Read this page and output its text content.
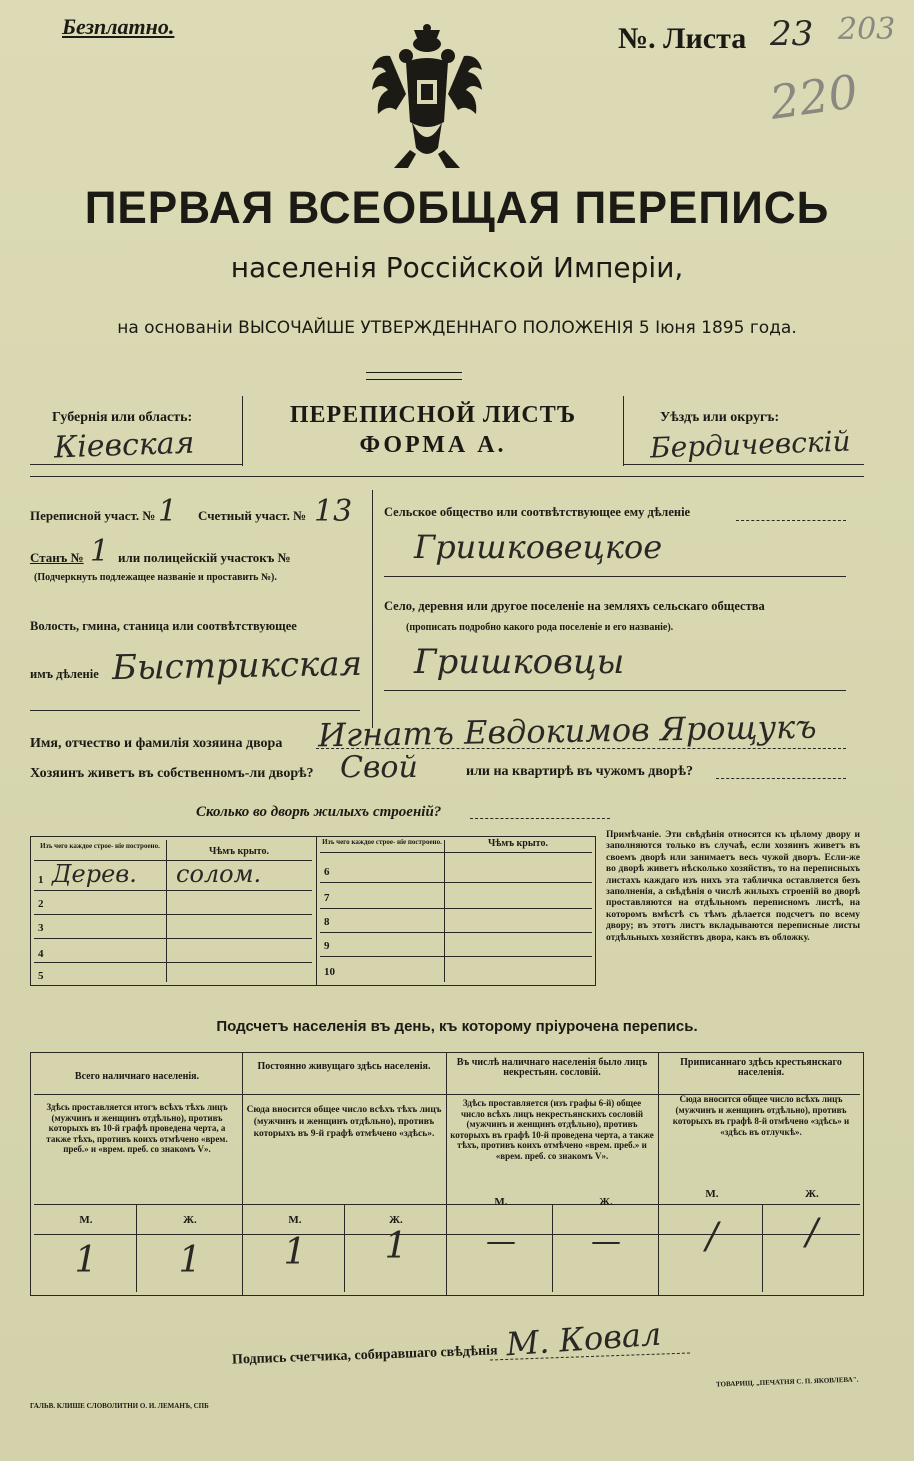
Безплатно.	№. Листа 23 203
220
ПЕРВАЯ ВСЕОБЩАЯ ПЕРЕПИСЬ
населенія Россійской Имперіи,
на основаніи ВЫСОЧАЙШЕ УТВЕРЖДЕННАГО ПОЛОЖЕНІЯ 5 Іюня 1895 года.
Губернія или область:
Кiевская
ПЕРЕПИСНОЙ ЛИСТЪ
ФОРМА А.
Уѣздъ или округъ:
Бердичевскiй
Переписной участ. № 1 Счетный участ. № 13
Станъ № 1 или полицейскій участокъ №
(Подчеркнуть подлежащее названіе и проставить №).
Волость, гмина, станица или соотвѣтствующее
имъ дѣленіе Быстрикская
Сельское общество или соотвѣтствующее ему дѣленіе
Гришковецкое
Село, деревня или другое поселеніе на земляхъ сельскаго общества
(прописать подробно какого рода поселеніе и его названіе).
Гришковцы
Имя, отчество и фамилія хозяина двора Игнатъ Евдокимов Ярощукъ
Хозяинъ живетъ въ собственномъ-ли дворѣ? Свой	или на квартирѣ въ чужомъ дворѣ?
Сколько во дворѣ жилыхъ строеній?
Изъ чего каждое строе- ніе построено.	Чѣмъ крыто.
Изъ чего каждое строе- ніе построено.	Чѣмъ крыто.
1 Дерев. солом.
2
3
4
5
6
7
8
9
10
Примѣчаніе. Эти свѣдѣнія относятся къ цѣлому двору и заполняются только въ случаѣ, если хозяинъ живетъ въ своемъ дворѣ или занимаетъ весь чужой дворъ. Если-же во дворѣ живетъ нѣсколько хозяйствъ, то на переписныхъ листахъ каждаго изъ нихъ эта табличка оставляется безъ заполненія, а свѣдѣнія о числѣ жилыхъ строеній во дворѣ проставляются на отдѣльномъ переписномъ листѣ, на которомъ вмѣстѣ съ тѣмъ дѣлается подсчетъ по всему двору; въ этотъ листъ вкладываются переписные листы отдѣльныхъ хозяйствъ двора, какъ въ обложку.
Подсчетъ населенія въ день, къ которому пріурочена перепись.
Всего наличнаго населенія.
Здѣсь проставляется итогъ всѣхъ тѣхъ лицъ (мужчинъ и женщинъ отдѣльно), противъ которыхъ въ 10-й графѣ проведена черта, а также тѣхъ, противъ коихъ отмѣчено «врем. преб.» и «врем. преб. со знакомъ V».
М.	Ж.
1	1
Постоянно живущаго здѣсь населенія.
Сюда вносится общее число всѣхъ тѣхъ лицъ (мужчинъ и женщинъ отдѣльно), противъ которыхъ въ 9-й графѣ отмѣчено «здѣсь».
М.	Ж.
1	1
Въ числѣ наличнаго населенія было лицъ некрестьян. сословій.
Здѣсь проставляется (изъ графы 6-й) общее число всѣхъ лицъ некрестьянскихъ сословій (мужчинъ и женщинъ отдѣльно), противъ которыхъ въ графѣ 10-й проведена черта, а также тѣхъ, противъ коихъ отмѣчено «врем. преб.» и «врем. преб. со знакомъ V».
М.	Ж.
—	—
Приписаннаго здѣсь крестьянскаго населенія.
Сюда вносится общее число всѣхъ лицъ (мужчинъ и женщинъ отдѣльно), противъ которыхъ въ графѣ 8-й отмѣчено «здѣсь» и «здѣсь въ отлучкѣ».
М.	Ж.
/	/
Подпись счетчика, собиравшаго свѣдѣнія М. Ковал
ГАЛЬВ. КЛИШЕ СЛОВОЛИТНИ О. И. ЛЕМАНЪ, СПБ
ТОВАРИЩ. „ПЕЧАТНЯ С. П. ЯКОВЛЕВА".
